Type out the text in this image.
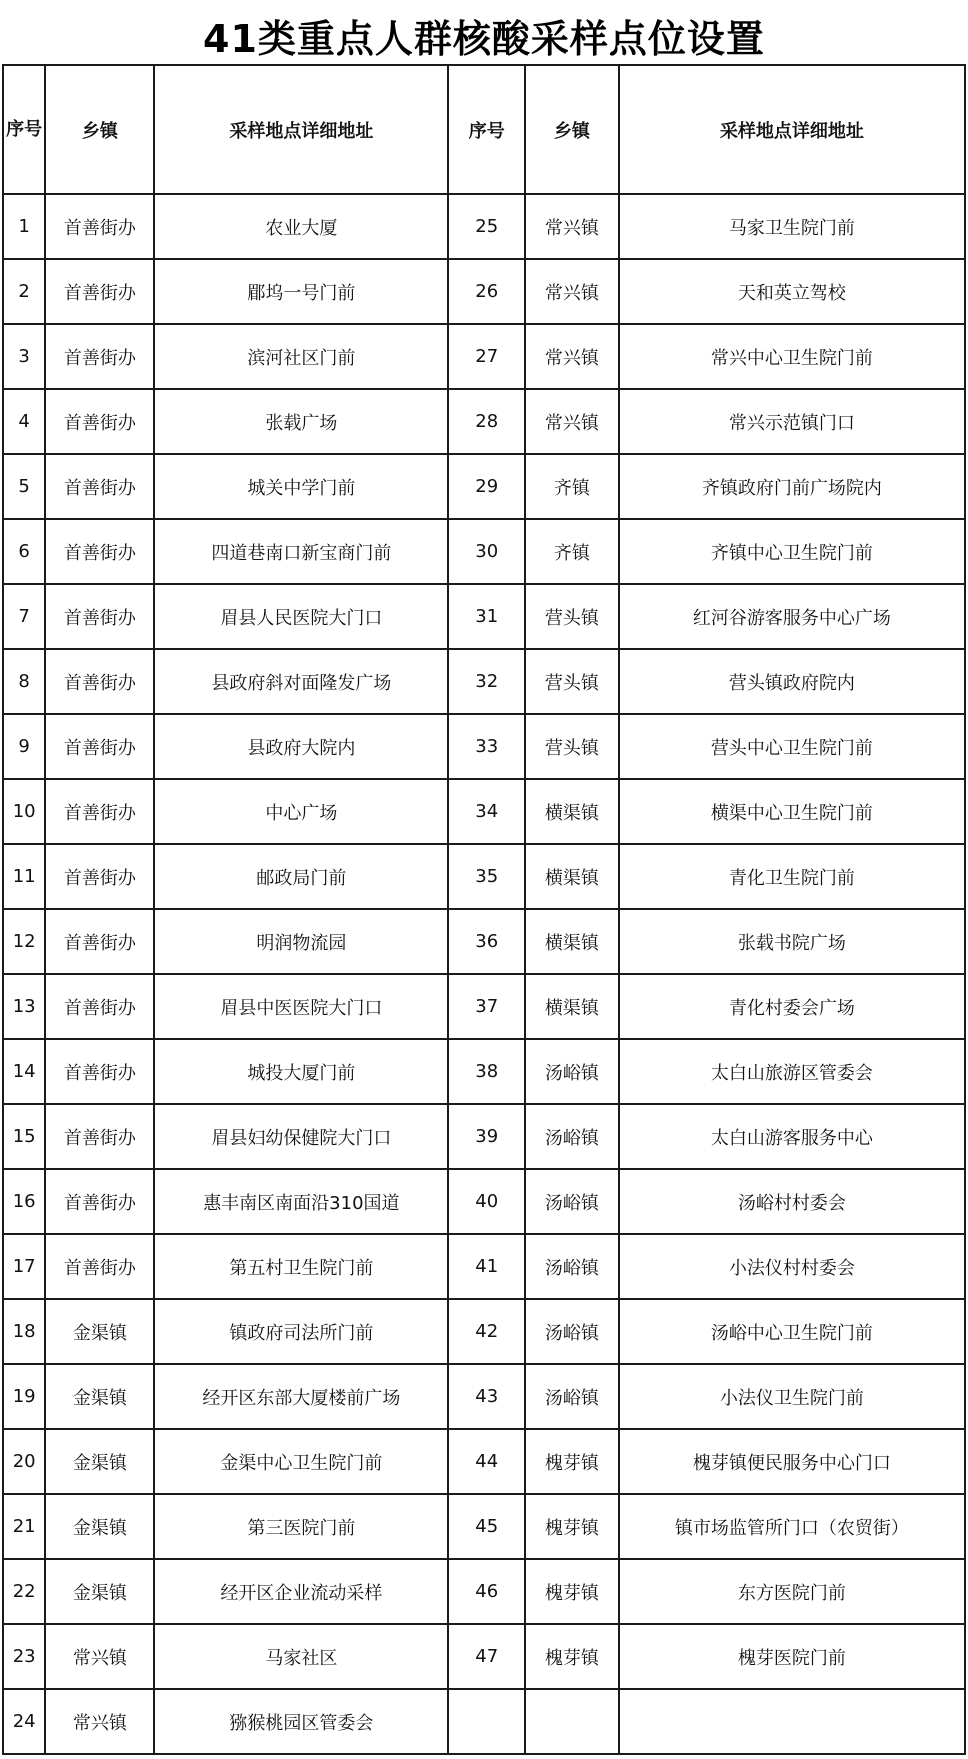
41类重点人群核酸采样点位设置
序号	乡镇	采样地点详细地址	序号	乡镇	采样地点详细地址
1	首善街办	农业大厦	25	常兴镇	马家卫生院门前
2	首善街办	郿坞一号门前	26	常兴镇	天和英立驾校
3	首善街办	滨河社区门前	27	常兴镇	常兴中心卫生院门前
4	首善街办	张载广场	28	常兴镇	常兴示范镇门口
5	首善街办	城关中学门前	29	齐镇	齐镇政府门前广场院内
6	首善街办	四道巷南口新宝商门前	30	齐镇	齐镇中心卫生院门前
7	首善街办	眉县人民医院大门口	31	营头镇	红河谷游客服务中心广场
8	首善街办	县政府斜对面隆发广场	32	营头镇	营头镇政府院内
9	首善街办	县政府大院内	33	营头镇	营头中心卫生院门前
10	首善街办	中心广场	34	横渠镇	横渠中心卫生院门前
11	首善街办	邮政局门前	35	横渠镇	青化卫生院门前
12	首善街办	明润物流园	36	横渠镇	张载书院广场
13	首善街办	眉县中医医院大门口	37	横渠镇	青化村委会广场
14	首善街办	城投大厦门前	38	汤峪镇	太白山旅游区管委会
15	首善街办	眉县妇幼保健院大门口	39	汤峪镇	太白山游客服务中心
16	首善街办	惠丰南区南面沿310国道	40	汤峪镇	汤峪村村委会
17	首善街办	第五村卫生院门前	41	汤峪镇	小法仪村村委会
18	金渠镇	镇政府司法所门前	42	汤峪镇	汤峪中心卫生院门前
19	金渠镇	经开区东部大厦楼前广场	43	汤峪镇	小法仪卫生院门前
20	金渠镇	金渠中心卫生院门前	44	槐芽镇	槐芽镇便民服务中心门口
21	金渠镇	第三医院门前	45	槐芽镇	镇市场监管所门口（农贸街）
22	金渠镇	经开区企业流动采样	46	槐芽镇	东方医院门前
23	常兴镇	马家社区	47	槐芽镇	槐芽医院门前
24	常兴镇	猕猴桃园区管委会			
